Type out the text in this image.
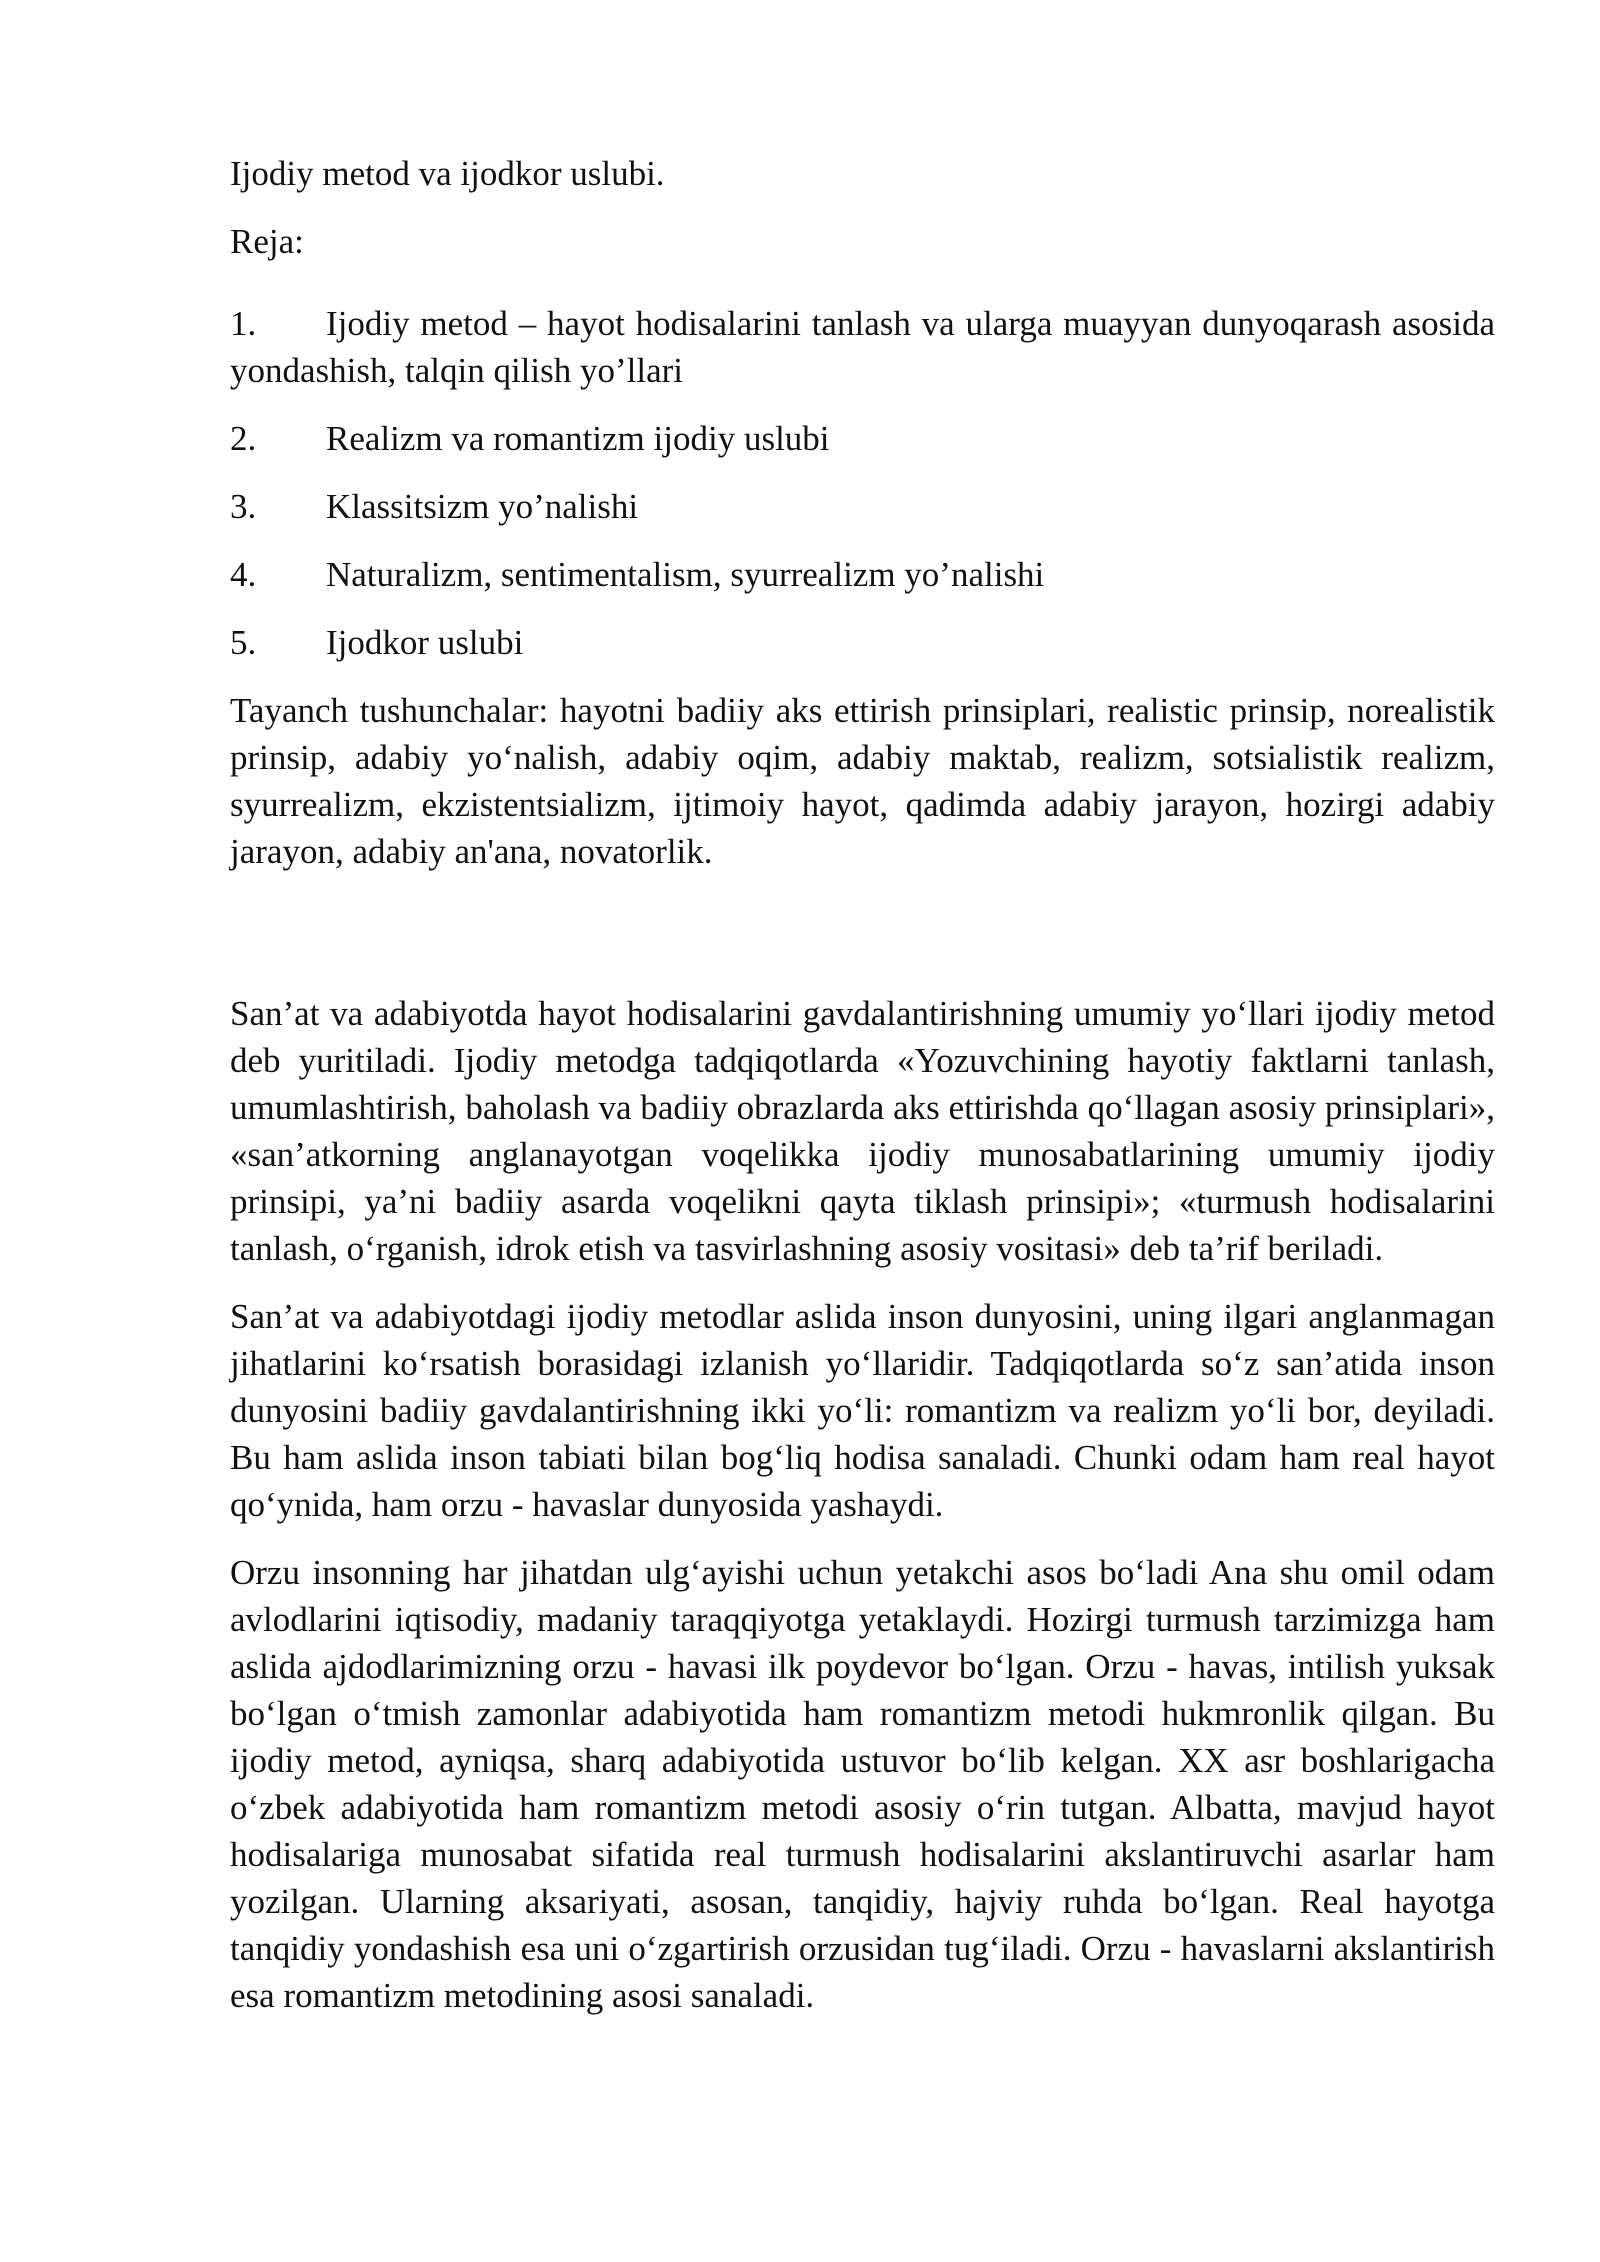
Ijodiy metod va ijodkor uslubi.

Reja:

1. Ijodiy metod – hayot hodisalarini tanlash va ularga muayyan dunyoqarash asosida yondashish, talqin qilish yo’llari

2.	Realizm va romantizm ijodiy uslubi
3.	Klassitsizm yo’nalishi
4.	Naturalizm, sentimentalism, syurrealizm yo’nalishi
5.	Ijodkor uslubi

Tayanch tushunchalar: hayotni badiiy aks ettirish prinsiplari, realistic prinsip, norealistik prinsip, adabiy yo‘nalish, adabiy oqim, adabiy maktab, realizm, sotsialistik realizm, syurrealizm, ekzistentsializm, ijtimoiy hayot, qadimda adabiy jarayon, hozirgi adabiy jarayon, adabiy an'ana, novatorlik.

San’at va adabiyotda hayot hodisalarini gavdalantirishning umumiy yo‘llari ijodiy metod deb yuritiladi. Ijodiy metodga tadqiqotlarda «Yozuvchining hayotiy faktlarni tanlash, umumlashtirish, baholash va badiiy obrazlarda aks ettirishda qo‘llagan asosiy prinsiplari», «san’atkorning anglanayotgan voqelikka ijodiy munosabatlarining umumiy ijodiy prinsipi, ya’ni badiiy asarda voqelikni qayta tiklash prinsipi»; «turmush hodisalarini tanlash, o‘rganish, idrok etish va tasvirlashning asosiy vositasi» deb ta’rif beriladi.

San’at va adabiyotdagi ijodiy metodlar aslida inson dunyosini, uning ilgari anglanmagan jihatlarini ko‘rsatish borasidagi izlanish yo‘llaridir. Tadqiqotlarda so‘z san’atida inson dunyosini badiiy gavdalantirishning ikki yo‘li: romantizm va realizm yo‘li bor, deyiladi. Bu ham aslida inson tabiati bilan bog‘liq hodisa sanaladi. Chunki odam ham real hayot qo‘ynida, ham orzu - havaslar dunyosida yashaydi.

Orzu insonning har jihatdan ulg‘ayishi uchun yetakchi asos bo‘ladi Ana shu omil odam avlodlarini iqtisodiy, madaniy taraqqiyotga yetaklaydi. Hozirgi turmush tarzimizga ham aslida ajdodlarimizning orzu - havasi ilk poydevor bo‘lgan. Orzu - havas, intilish yuksak bo‘lgan o‘tmish zamonlar adabiyotida ham romantizm metodi hukmronlik qilgan. Bu ijodiy metod, ayniqsa, sharq adabiyotida ustuvor bo‘lib kelgan. XX asr boshlarigacha o‘zbek adabiyotida ham romantizm metodi asosiy o‘rin tutgan. Albatta, mavjud hayot hodisalariga munosabat sifatida real turmush hodisalarini akslantiruvchi asarlar ham yozilgan. Ularning aksariyati, asosan, tanqidiy, hajviy ruhda bo‘lgan. Real hayotga tanqidiy yondashish esa uni o‘zgartirish orzusidan tug‘iladi. Orzu - havaslarni akslantirish esa romantizm metodining asosi sanaladi.
